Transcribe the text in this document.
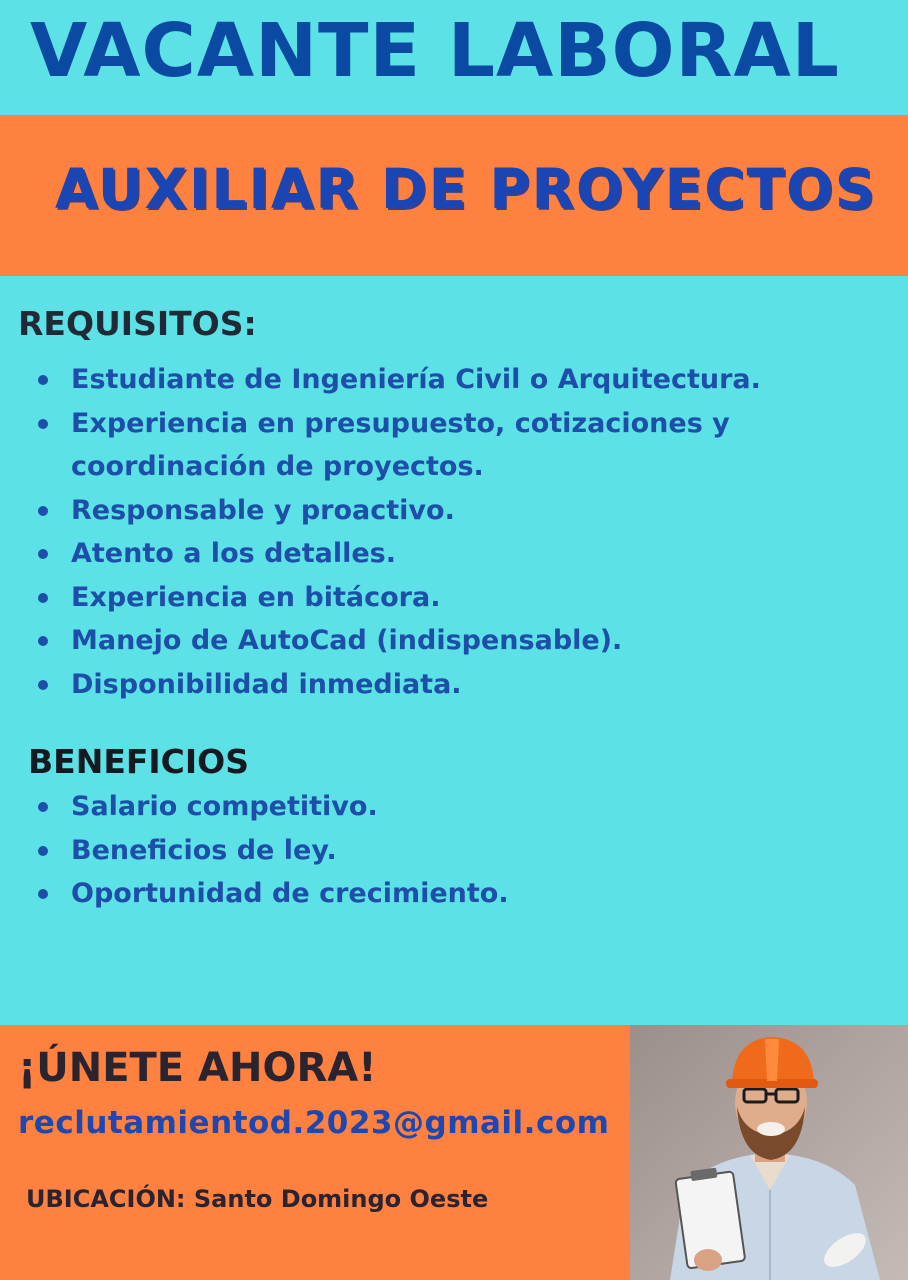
VACANTE LABORAL
AUXILIAR DE PROYECTOS
REQUISITOS:
Estudiante de Ingeniería Civil o Arquitectura.
Experiencia en presupuesto, cotizaciones y coordinación de proyectos.
Responsable y proactivo.
Atento a los detalles.
Experiencia en bitácora.
Manejo de AutoCad (indispensable).
Disponibilidad inmediata.
BENEFICIOS
Salario competitivo.
Beneficios de ley.
Oportunidad de crecimiento.
¡ÚNETE AHORA!
reclutamientod.2023@gmail.com
UBICACIÓN: Santo Domingo Oeste
